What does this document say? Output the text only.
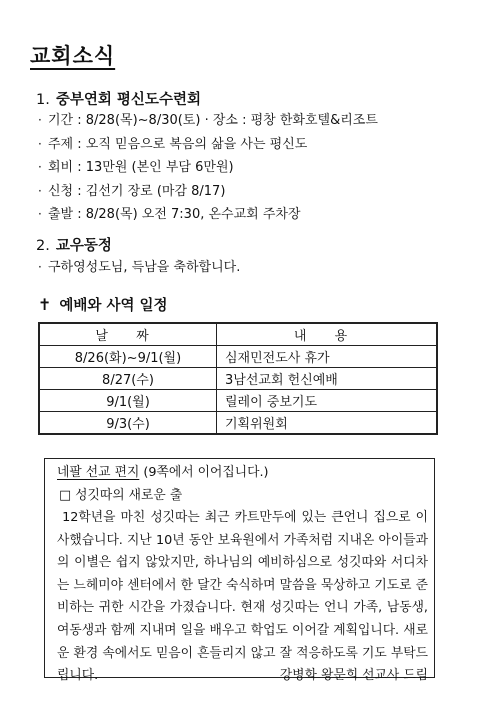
교회소식
1. 중부연회 평신도수련회
· 기간 : 8/28(목)~8/30(토) · 장소 : 평창 한화호텔&리조트
· 주제 : 오직 믿음으로 복음의 삶을 사는 평신도
· 회비 : 13만원 (본인 부담 6만원)
· 신청 : 김선기 장로 (마감 8/17)
· 출발 : 8/28(목) 오전 7:30, 온수교회 주차장
2. 교우동정
· 구하영성도님, 득남을 축하합니다.
✝ 예배와 사역 일정
날 짜	내 용
8/26(화)~9/1(월)	심재민전도사 휴가
8/27(수)	3남선교회 헌신예배
9/1(월)	릴레이 중보기도
9/3(수)	기획위원회
네팔 선교 편지 (9쪽에서 이어집니다.)
□ 성깃따의 새로운 출

12학년을 마친 성깃따는 최근 카트만두에 있는 큰언니 집으로 이사했습니다. 지난 10년 동안 보육원에서 가족처럼 지내온 아이들과의 이별은 쉽지 않았지만, 하나님의 예비하심으로 성깃따와 서디차는 느헤미야 센터에서 한 달간 숙식하며 말씀을 묵상하고 기도로 준비하는 귀한 시간을 가졌습니다. 현재 성깃따는 언니 가족, 남동생, 여동생과 함께 지내며 일을 배우고 학업도 이어갈 계획입니다. 새로운 환경 속에서도 믿음이 흔들리지 않고 잘 적응하도록 기도 부탁드립니다.	강병화 왕문희 선교사 드림
